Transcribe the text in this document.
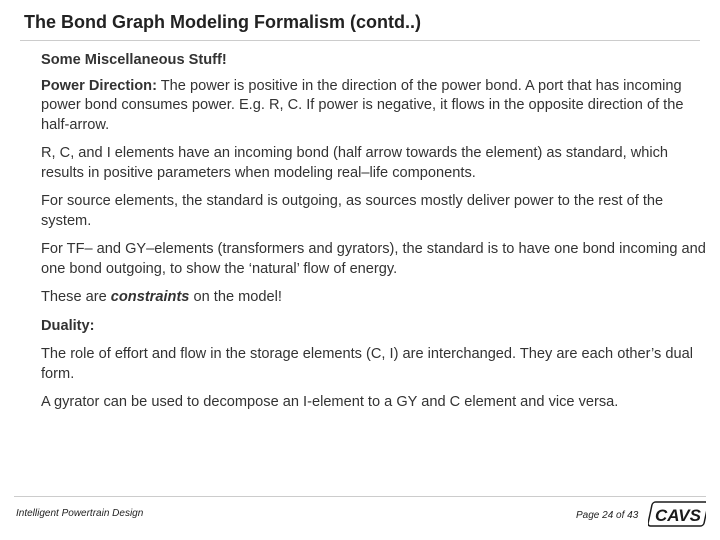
The Bond Graph Modeling Formalism (contd..)

Some Miscellaneous Stuff!

Power Direction: The power is positive in the direction of the power bond. A port that has incoming power bond consumes power. E.g. R, C. If power is negative, it flows in the opposite direction of the half-arrow.

R, C, and I elements have an incoming bond (half arrow towards the element) as standard, which results in positive parameters when modeling real–life components.

For source elements, the standard is outgoing, as sources mostly deliver power to the rest of the system.

For TF– and GY–elements (transformers and gyrators), the standard is to have one bond incoming and one bond outgoing, to show the ‘natural’ flow of energy.

These are constraints on the model!

Duality:

The role of effort and flow in the storage elements (C, I) are interchanged. They are each other’s dual form.

A gyrator can be used to decompose an I-element to a GY and C element and vice versa.

Intelligent Powertrain Design	Page 24 of 43 CAVS
